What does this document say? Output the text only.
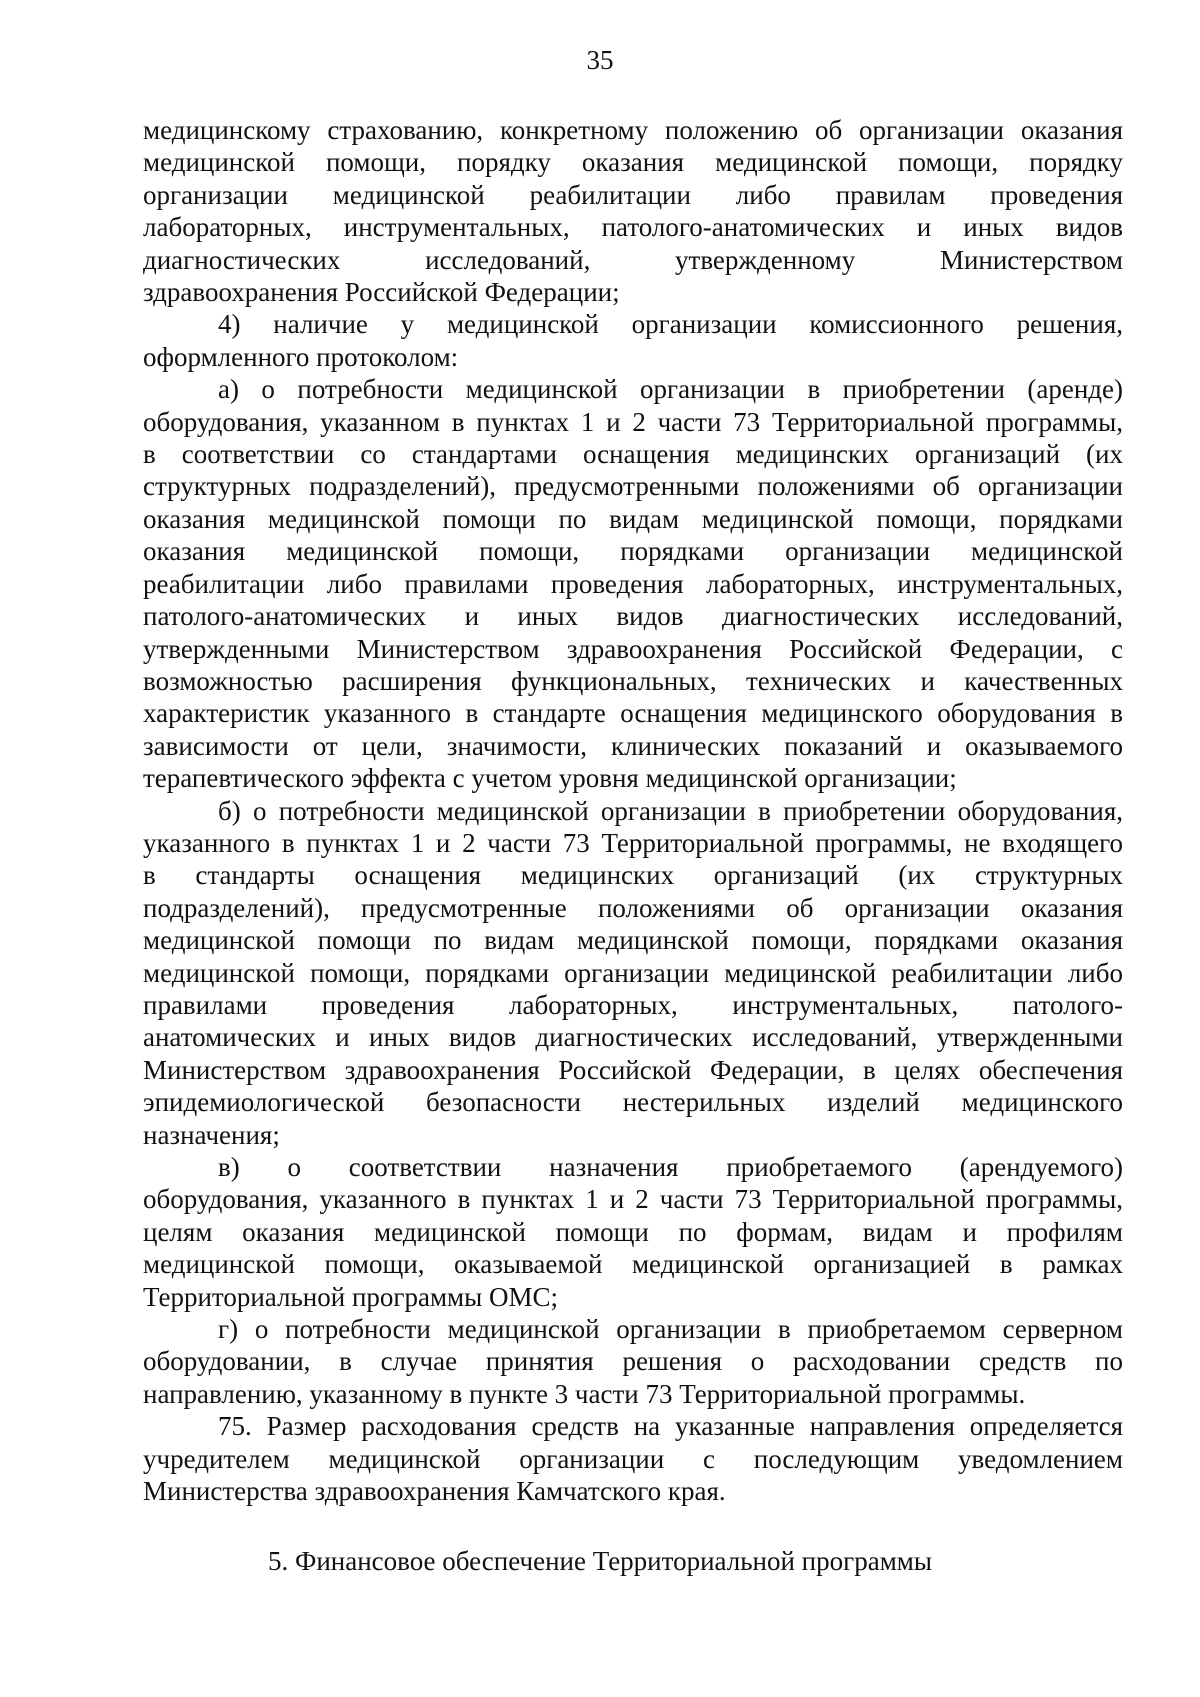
35

медицинскому страхованию, конкретному положению об организации оказания

медицинской помощи, порядку оказания медицинской помощи, порядку

организации медицинской реабилитации либо правилам проведения

лабораторных, инструментальных, патолого-анатомических и иных видов

диагностических исследований, утвержденному Министерством

здравоохранения Российской Федерации;

4) наличие у медицинской организации комиссионного решения,

оформленного протоколом:

а) о потребности медицинской организации в приобретении (аренде)

оборудования, указанном в пунктах 1 и 2 части 73 Территориальной программы,

в соответствии со стандартами оснащения медицинских организаций (их

структурных подразделений), предусмотренными положениями об организации

оказания медицинской помощи по видам медицинской помощи, порядками

оказания медицинской помощи, порядками организации медицинской

реабилитации либо правилами проведения лабораторных, инструментальных,

патолого-анатомических и иных видов диагностических исследований,

утвержденными Министерством здравоохранения Российской Федерации, с

возможностью расширения функциональных, технических и качественных

характеристик указанного в стандарте оснащения медицинского оборудования в

зависимости от цели, значимости, клинических показаний и оказываемого

терапевтического эффекта с учетом уровня медицинской организации;

б) о потребности медицинской организации в приобретении оборудования,

указанного в пунктах 1 и 2 части 73 Территориальной программы, не входящего

в стандарты оснащения медицинских организаций (их структурных

подразделений), предусмотренные положениями об организации оказания

медицинской помощи по видам медицинской помощи, порядками оказания

медицинской помощи, порядками организации медицинской реабилитации либо

правилами проведения лабораторных, инструментальных, патолого-

анатомических и иных видов диагностических исследований, утвержденными

Министерством здравоохранения Российской Федерации, в целях обеспечения

эпидемиологической безопасности нестерильных изделий медицинского

назначения;

в) о соответствии назначения приобретаемого (арендуемого)

оборудования, указанного в пунктах 1 и 2 части 73 Территориальной программы,

целям оказания медицинской помощи по формам, видам и профилям

медицинской помощи, оказываемой медицинской организацией в рамках

Территориальной программы ОМС;

г) о потребности медицинской организации в приобретаемом серверном

оборудовании, в случае принятия решения о расходовании средств по

направлению, указанному в пункте 3 части 73 Территориальной программы.

75. Размер расходования средств на указанные направления определяется

учредителем медицинской организации с последующим уведомлением

Министерства здравоохранения Камчатского края.

5. Финансовое обеспечение Территориальной программы
